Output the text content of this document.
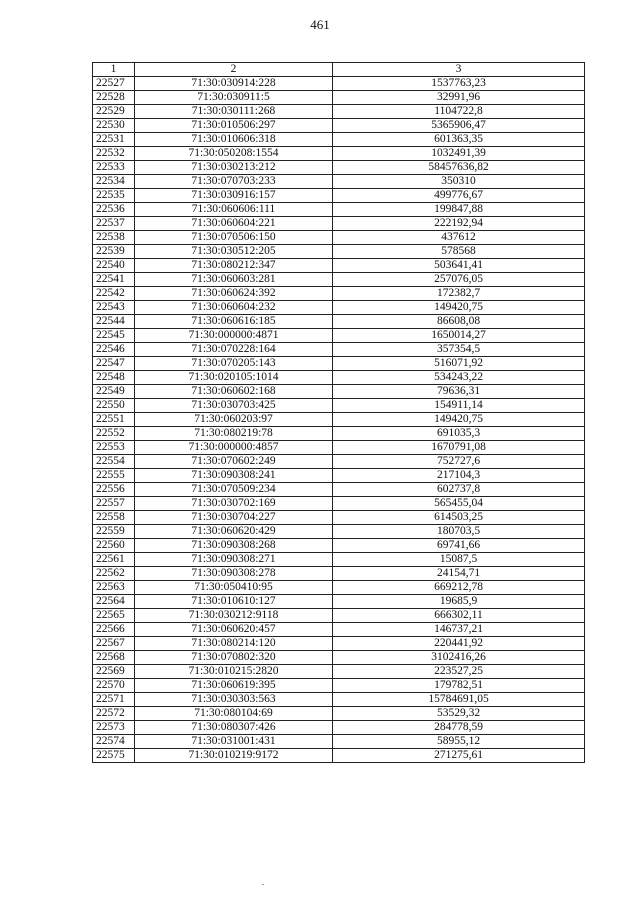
461
1	2	3
22527	71:30:030914:228	1537763,23
22528	71:30:030911:5	32991,96
22529	71:30:030111:268	1104722,8
22530	71:30:010506:297	5365906,47
22531	71:30:010606:318	601363,35
22532	71:30:050208:1554	1032491,39
22533	71:30:030213:212	58457636,82
22534	71:30:070703:233	350310
22535	71:30:030916:157	499776,67
22536	71:30:060606:111	199847,88
22537	71:30:060604:221	222192,94
22538	71:30:070506:150	437612
22539	71:30:030512:205	578568
22540	71:30:080212:347	503641,41
22541	71:30:060603:281	257076,05
22542	71:30:060624:392	172382,7
22543	71:30:060604:232	149420,75
22544	71:30:060616:185	86608,08
22545	71:30:000000:4871	1650014,27
22546	71:30:070228:164	357354,5
22547	71:30:070205:143	516071,92
22548	71:30:020105:1014	534243,22
22549	71:30:060602:168	79636,31
22550	71:30:030703:425	154911,14
22551	71:30:060203:97	149420,75
22552	71:30:080219:78	691035,3
22553	71:30:000000:4857	1670791,08
22554	71:30:070602:249	752727,6
22555	71:30:090308:241	217104,3
22556	71:30:070509:234	602737,8
22557	71:30:030702:169	565455,04
22558	71:30:030704:227	614503,25
22559	71:30:060620:429	180703,5
22560	71:30:090308:268	69741,66
22561	71:30:090308:271	15087,5
22562	71:30:090308:278	24154,71
22563	71:30:050410:95	669212,78
22564	71:30:010610:127	19685,9
22565	71:30:030212:9118	666302,11
22566	71:30:060620:457	146737,21
22567	71:30:080214:120	220441,92
22568	71:30:070802:320	3102416,26
22569	71:30:010215:2820	223527,25
22570	71:30:060619:395	179782,51
22571	71:30:030303:563	15784691,05
22572	71:30:080104:69	53529,32
22573	71:30:080307:426	284778,59
22574	71:30:031001:431	58955,12
22575	71:30:010219:9172	271275,61
